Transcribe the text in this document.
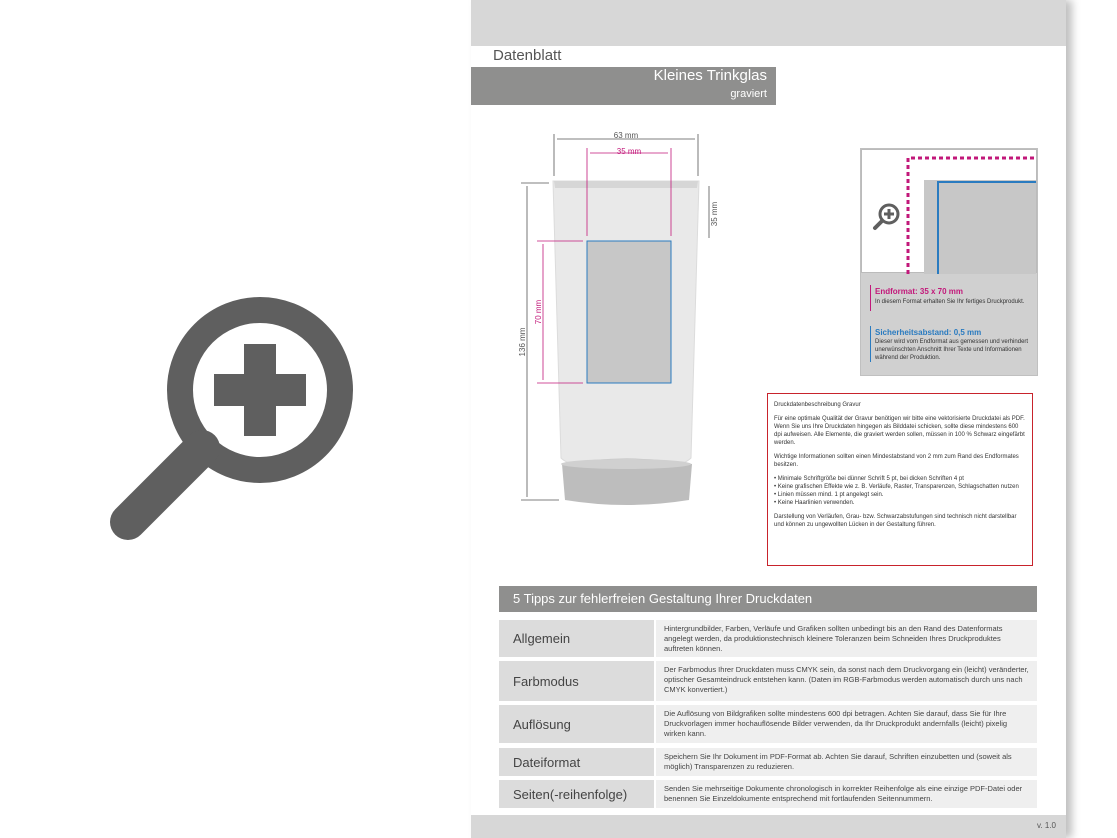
Datenblatt
Kleines Trinkglas
graviert
63 mm
35 mm
35 mm
70 mm
136 mm
Endformat: 35 x 70 mm
In diesem Format erhalten Sie Ihr fertiges Druckprodukt.
Sicherheitsabstand: 0,5 mm
Dieser wird vom Endformat aus gemessen und verhindert unerwünschten Anschnitt Ihrer Texte und Informationen während der Produktion.

Druckdatenbeschreibung Gravur

Für eine optimale Qualität der Gravur benötigen wir bitte eine vektorisierte Druckdatei als PDF. Wenn Sie uns Ihre Druckdaten hingegen als Bilddatei schicken, sollte diese mindestens 600 dpi aufweisen. Alle Elemente, die graviert werden sollen, müssen in 100 % Schwarz eingefärbt werden.

Wichtige Informationen sollten einen Mindestabstand von 2 mm zum Rand des Endformates besitzen.

• Minimale Schriftgröße bei dünner Schrift 5 pt, bei dicken Schriften 4 pt
• Keine grafischen Effekte wie z. B. Verläufe, Raster, Transparenzen, Schlagschatten nutzen
• Linien müssen mind. 1 pt angelegt sein.
• Keine Haarlinien verwenden.

Darstellung von Verläufen, Grau- bzw. Schwarzabstufungen sind technisch nicht darstellbar und können zu ungewollten Lücken in der Gestaltung führen.

5 Tipps zur fehlerfreien Gestaltung Ihrer Druckdaten
Allgemein
Hintergrundbilder, Farben, Verläufe und Grafiken sollten unbedingt bis an den Rand des Datenformats angelegt werden, da produktionstechnisch kleinere Toleranzen beim Schneiden Ihres Druckproduktes auftreten können.
Farbmodus
Der Farbmodus Ihrer Druckdaten muss CMYK sein, da sonst nach dem Druckvorgang ein (leicht) veränderter, optischer Gesamteindruck entstehen kann. (Daten im RGB-Farbmodus werden automatisch durch uns nach CMYK konvertiert.)
Auflösung
Die Auflösung von Bildgrafiken sollte mindestens 600 dpi betragen. Achten Sie darauf, dass Sie für Ihre Druckvorlagen immer hochauflösende Bilder verwenden, da Ihr Druckprodukt andernfalls (leicht) pixelig wirken kann.
Dateiformat	Speichern Sie Ihr Dokument im PDF-Format ab. Achten Sie darauf, Schriften einzubetten und (soweit als möglich) Transparenzen zu reduzieren.
Seiten(-reihenfolge)	Senden Sie mehrseitige Dokumente chronologisch in korrekter Reihenfolge als eine einzige PDF-Datei oder benennen Sie Einzeldokumente entsprechend mit fortlaufenden Seitennummern.
v. 1.0
